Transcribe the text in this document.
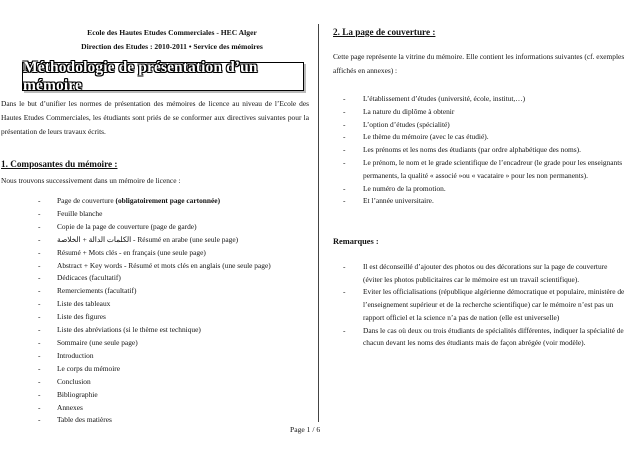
Ecole des Hautes Etudes Commerciales - HEC Alger
Direction des Etudes : 2010-2011 • Service des mémoires
Méthodologie de présentation d’un mémoire
Dans le but d’unifier les normes de présentation des mémoires de licence au niveau de l’Ecole des Hautes Etudes Commerciales, les étudiants sont priés de se conformer aux directives suivantes pour la présentation de leurs travaux écrits.
1. Composantes du mémoire :
Nous trouvons successivement dans un mémoire de licence :
- Page de couverture (obligatoirement page cartonnée)
- Feuille blanche
- Copie de la page de couverture (page de garde)
- الكلمات الدالة + الخلاصة - Résumé en arabe (une seule page)
- Résumé + Mots clés - en français (une seule page)
- Abstract + Key words - Résumé et mots clés en anglais (une seule page)
- Dédicaces (facultatif)
- Remerciements (facultatif)
- Liste des tableaux
- Liste des figures
- Liste des abréviations (si le thème est technique)
- Sommaire (une seule page)
- Introduction
- Le corps du mémoire
- Conclusion
- Bibliographie
- Annexes
- Table des matières
2. La page de couverture :
Cette page représente la vitrine du mémoire. Elle contient les informations suivantes (cf. exemples affichés en annexes) :
- L’établissement d’études (université, école, institut,…)
- La nature du diplôme à obtenir
- L’option d’études (spécialité)
- Le thème du mémoire (avec le cas étudié).
- Les prénoms et les noms des étudiants (par ordre alphabétique des noms).
- Le prénom, le nom et le grade scientifique de l’encadreur (le grade pour les enseignants permanents, la qualité « associé »ou « vacataire » pour les non permanents).
- Le numéro de la promotion.
- Et l’année universitaire.
Remarques :
- Il est déconseillé d’ajouter des photos ou des décorations sur la page de couverture (éviter les photos publicitaires car le mémoire est un travail scientifique).
- Eviter les officialisations (république algérienne démocratique et populaire, ministère de l’enseignement supérieur et de la recherche scientifique) car le mémoire n’est pas un rapport officiel et la science n’a pas de nation (elle est universelle)
- Dans le cas où deux ou trois étudiants de spécialités différentes, indiquer la spécialité de chacun devant les noms des étudiants mais de façon abrégée (voir modèle).
Page 1 / 6
